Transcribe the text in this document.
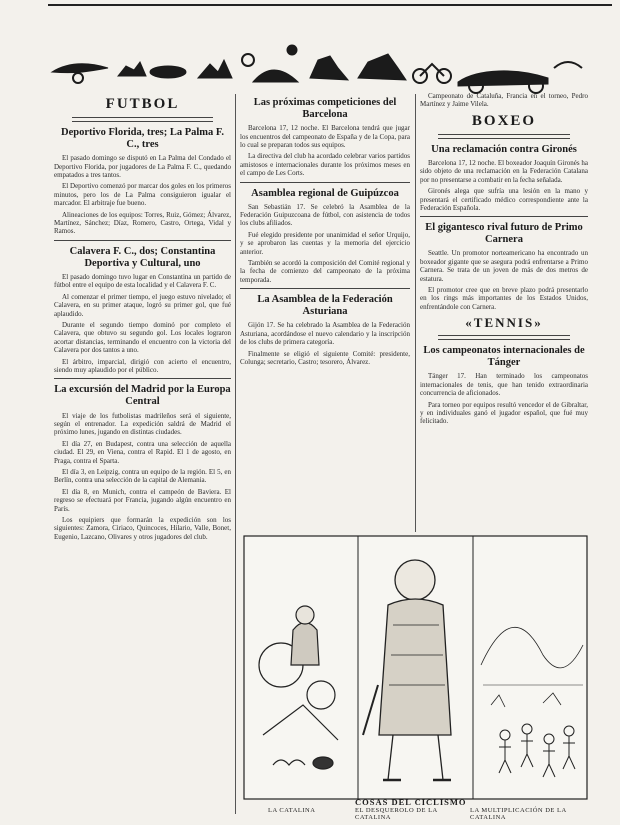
FUTBOL
Deportivo Florida, tres; La Palma F. C., tres

El pasado domingo se disputó en La Palma del Condado el Deportivo Florida, por jugadores de La Palma F. C., quedando empatados a tres tantos.

El Deportivo comenzó por marcar dos goles en los primeros minutos, pero los de La Palma consiguieron igualar el marcador. El arbitraje fue bueno.

Alineaciones de los equipos: Torres, Ruiz, Gómez; Álvarez, Martínez, Sánchez; Díaz, Romero, Castro, Ortega, Vidal y Ramos.

Calavera F. C., dos; Constantina Deportiva y Cultural, uno

El pasado domingo tuvo lugar en Constantina un partido de fútbol entre el equipo de esta localidad y el Calavera F. C.

Al comenzar el primer tiempo, el juego estuvo nivelado; el Calavera, en su primer ataque, logró su primer gol, que fué aplaudido.

Durante el segundo tiempo dominó por completo el Calavera, que obtuvo su segundo gol. Los locales lograron acortar distancias, terminando el encuentro con la victoria del Calavera por dos tantos a uno.

El árbitro, imparcial, dirigió con acierto el encuentro, siendo muy aplaudido por el público.

La excursión del Madrid por la Europa Central

El viaje de los futbolistas madrileños será el siguiente, según el entrenador. La expedición saldrá de Madrid el próximo lunes, jugando en distintas ciudades.

El día 27, en Budapest, contra una selección de aquella ciudad. El 29, en Viena, contra el Rapid. El 1 de agosto, en Praga, contra el Sparta.

El día 3, en Leipzig, contra un equipo de la región. El 5, en Berlín, contra una selección de la capital de Alemania.

El día 8, en Munich, contra el campeón de Baviera. El regreso se efectuará por Francia, jugando algún encuentro en París.

Los equipiers que formarán la expedición son los siguientes: Zamora, Ciriaco, Quincoces, Hilario, Valle, Bonet, Eugenio, Lazcano, Olivares y otros jugadores del club.

Las próximas competiciones del Barcelona

Barcelona 17, 12 noche. El Barcelona tendrá que jugar los encuentros del campeonato de España y de la Copa, para lo cual se preparan todos sus equipos.

La directiva del club ha acordado celebrar varios partidos amistosos e internacionales durante los próximos meses en el campo de Les Corts.

Asamblea regional de Guipúzcoa

San Sebastián 17. Se celebró la Asamblea de la Federación Guipuzcoana de fútbol, con asistencia de todos los clubs afiliados.

Fué elegido presidente por unanimidad el señor Urquijo, y se aprobaron las cuentas y la memoria del ejercicio anterior.

También se acordó la composición del Comité regional y la fecha de comienzo del campeonato de la próxima temporada.

La Asamblea de la Federación Asturiana

Gijón 17. Se ha celebrado la Asamblea de la Federación Asturiana, acordándose el nuevo calendario y la inscripción de los clubs de primera categoría.

Finalmente se eligió el siguiente Comité: presidente, Colunga; secretario, Castro; tesorero, Álvarez.

Campeonato de Cataluña, Francia en el torneo, Pedro Martínez y Jaime Vilela.

BOXEO
Una reclamación contra Gironés

Barcelona 17, 12 noche. El boxeador Joaquín Gironés ha sido objeto de una reclamación en la Federación Catalana por no presentarse a combatir en la fecha señalada.

Gironés alega que sufría una lesión en la mano y presentará el certificado médico correspondiente ante la Federación Española.

El gigantesco rival futuro de Primo Carnera

Seattle. Un promotor norteamericano ha encontrado un boxeador gigante que se asegura podrá enfrentarse a Primo Carnera. Se trata de un joven de más de dos metros de estatura.

El promotor cree que en breve plazo podrá presentarlo en los rings más importantes de los Estados Unidos, enfrentándole con Carnera.

«TENNIS»
Los campeonatos internacionales de Tánger

Tánger 17. Han terminado los campeonatos internacionales de tenis, que han tenido extraordinaria concurrencia de aficionados.

Para torneo por equipos resultó vencedor el de Gibraltar, y en individuales ganó el jugador español, que fué muy felicitado.

COSAS DEL CICLISMO
LA CATALINA	EL DESQUEROLO DE LA CATALINA
LA MULTIPLICACIÓN DE LA CATALINA
